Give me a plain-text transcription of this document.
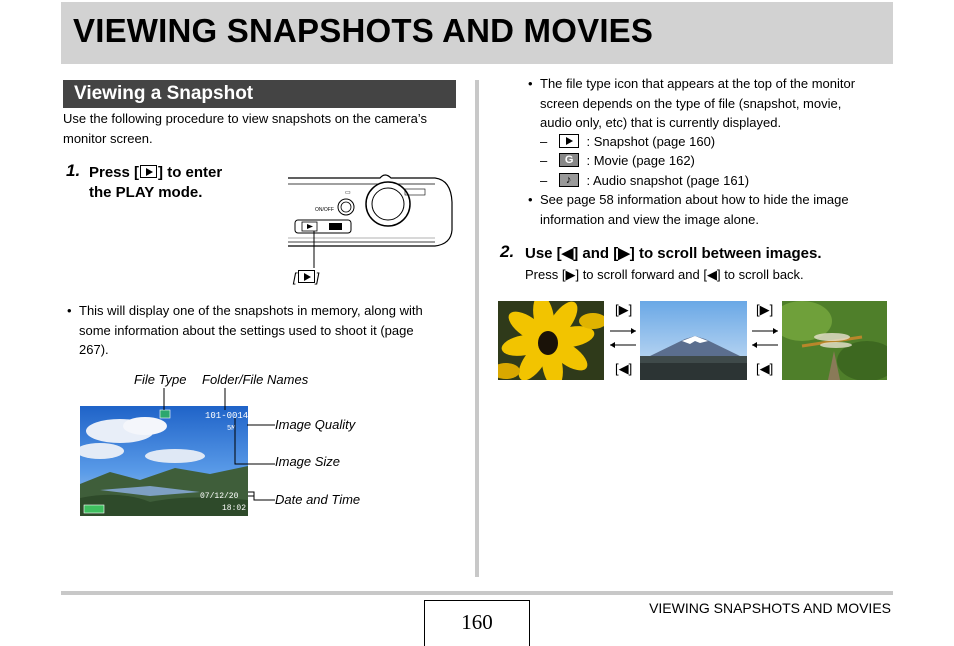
VIEWING SNAPSHOTS AND MOVIES
Viewing a Snapshot
Use the following procedure to view snapshots on the camera’s
monitor screen.
1. Press [ ] to enter
the PLAY mode.
ON/OFF
▭
[ ]
• This will display one of the snapshots in memory, along with
some information about the settings used to shoot it (page
267).
File Type Folder/File Names
Image Quality
Image Size
Date and Time
101-0014
5M
07/12/20
18:02
• The file type icon that appears at the top of the monitor
screen depends on the type of file (snapshot, movie,
audio only, etc) that is currently displayed.
–	: Snapshot (page 160)
– G : Movie (page 162)
– ♪ : Audio snapshot (page 161)
• See page 58 information about how to hide the image
information and view the image alone.
2. Use [◀] and [▶] to scroll between images.
Press [▶] to scroll forward and [◀] to scroll back.
[▶]
[◀]
[▶]
[◀]
160
VIEWING SNAPSHOTS AND MOVIES
